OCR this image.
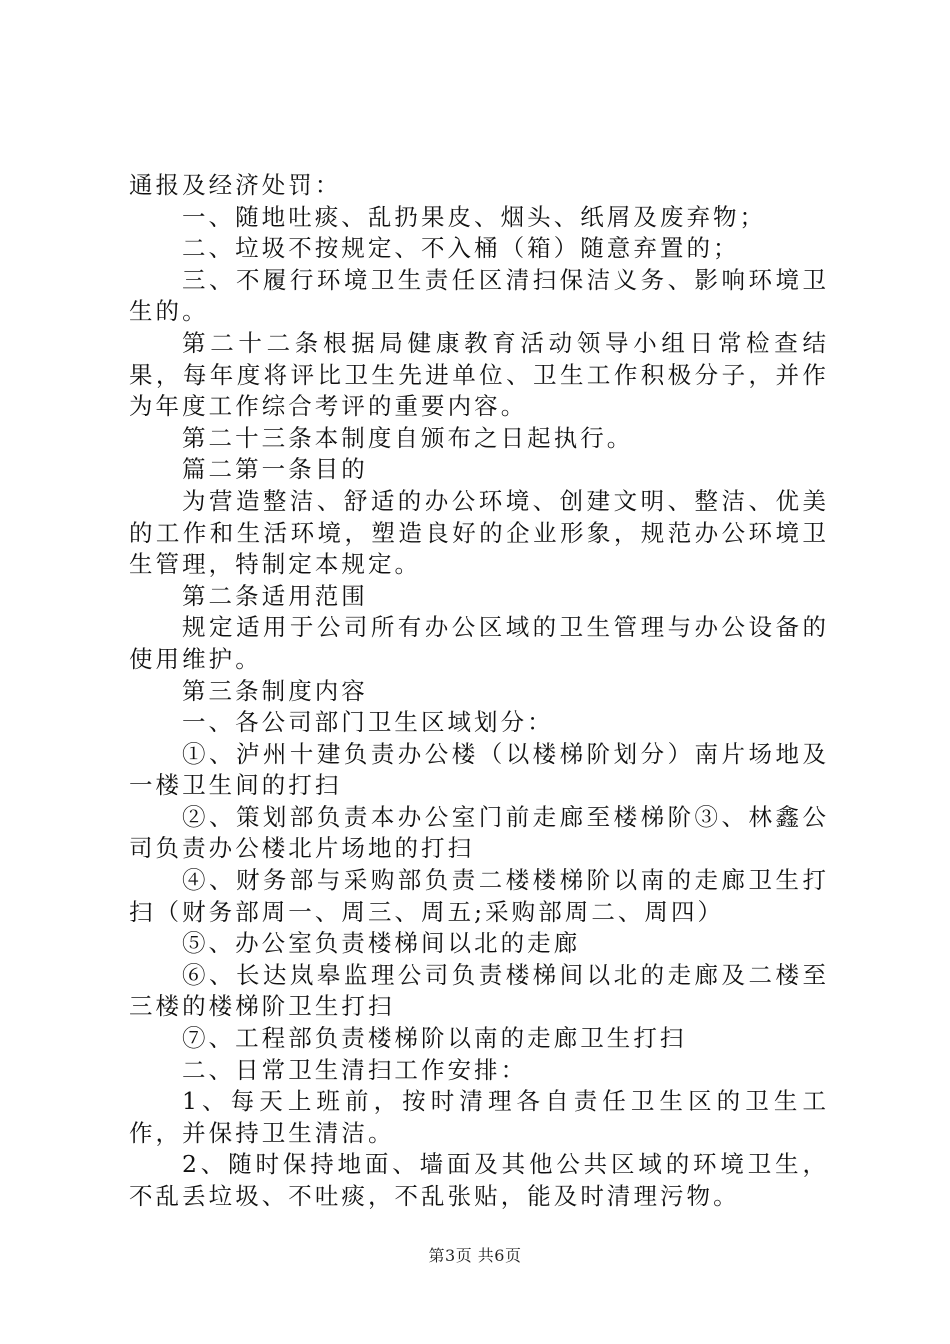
通报及经济处罚：

一、随地吐痰、乱扔果皮、烟头、纸屑及废弃物；

二、垃圾不按规定、不入桶（箱）随意弃置的；

三、不履行环境卫生责任区清扫保洁义务、影响环境卫生的。

第二十二条根据局健康教育活动领导小组日常检查结果，每年度将评比卫生先进单位、卫生工作积极分子，并作为年度工作综合考评的重要内容。

第二十三条本制度自颁布之日起执行。

篇二第一条目的

为营造整洁、舒适的办公环境、创建文明、整洁、优美的工作和生活环境，塑造良好的企业形象，规范办公环境卫生管理，特制定本规定。

第二条适用范围

规定适用于公司所有办公区域的卫生管理与办公设备的使用维护。

第三条制度内容

一、各公司部门卫生区域划分：

①、泸州十建负责办公楼（以楼梯阶划分）南片场地及一楼卫生间的打扫

②、策划部负责本办公室门前走廊至楼梯阶③、林鑫公司负责办公楼北片场地的打扫

④、财务部与采购部负责二楼楼梯阶以南的走廊卫生打扫（财务部周一、周三、周五;采购部周二、周四）

⑤、办公室负责楼梯间以北的走廊

⑥、长达岚皋监理公司负责楼梯间以北的走廊及二楼至三楼的楼梯阶卫生打扫

⑦、工程部负责楼梯阶以南的走廊卫生打扫

二、日常卫生清扫工作安排：

1、每天上班前，按时清理各自责任卫生区的卫生工作，并保持卫生清洁。

2、随时保持地面、墙面及其他公共区域的环境卫生，不乱丢垃圾、不吐痰，不乱张贴，能及时清理污物。

第3页 共6页
